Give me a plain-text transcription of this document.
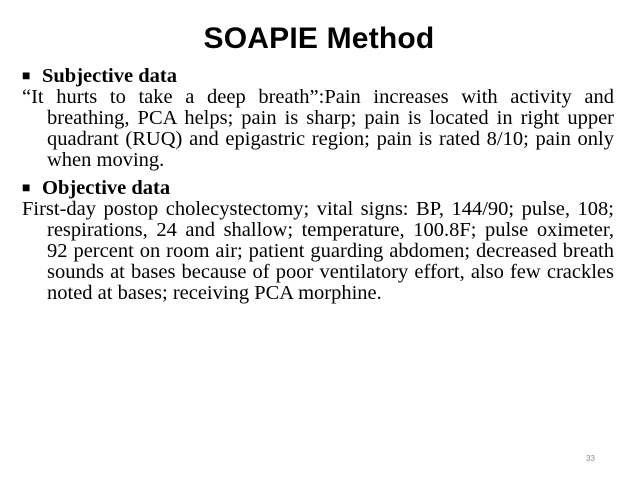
SOAPIE Method

■ Subjective data

“It hurts to take a deep breath”:Pain increases with activity and breathing, PCA helps; pain is sharp; pain is located in right upper quadrant (RUQ) and epigastric region; pain is rated 8/10; pain only when moving.

■ Objective data

First-day postop cholecystectomy; vital signs: BP, 144/90; pulse, 108; respirations, 24 and shallow; temperature, 100.8F; pulse oximeter, 92 percent on room air; patient guarding abdomen; decreased breath sounds at bases because of poor ventilatory effort, also few crackles noted at bases; receiving PCA morphine.

33
